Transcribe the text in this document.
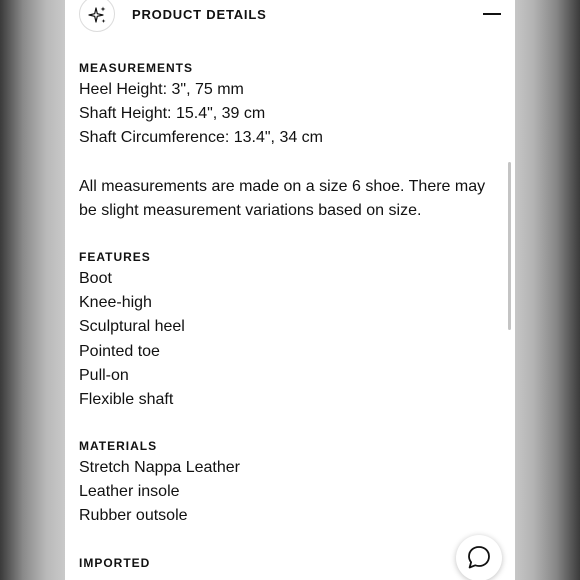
PRODUCT DETAILS

MEASUREMENTS

Heel Height: 3", 75 mm

Shaft Height: 15.4", 39 cm

Shaft Circumference: 13.4", 34 cm

All measurements are made on a size 6 shoe. There may be slight measurement variations based on size.

FEATURES

Boot

Knee-high

Sculptural heel

Pointed toe

Pull-on

Flexible shaft

MATERIALS

Stretch Nappa Leather

Leather insole

Rubber outsole

IMPORTED
